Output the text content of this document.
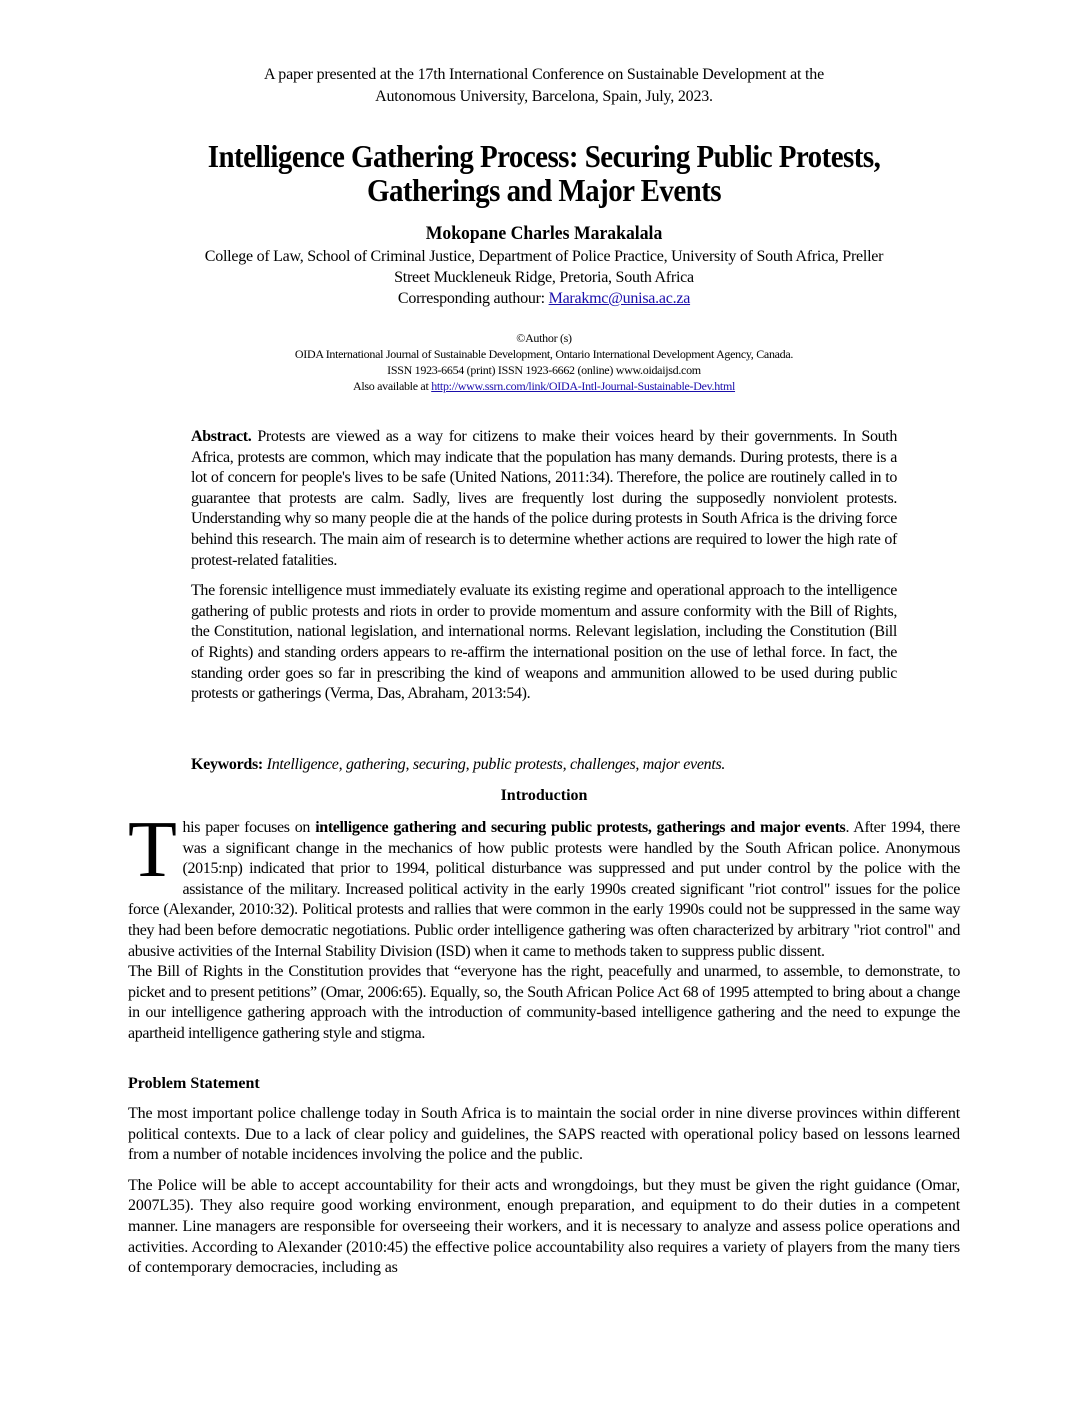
A paper presented at the 17th International Conference on Sustainable Development at the
Autonomous University, Barcelona, Spain, July, 2023.
Intelligence Gathering Process: Securing Public Protests,
Gatherings and Major Events
Mokopane Charles Marakalala
College of Law, School of Criminal Justice, Department of Police Practice, University of South Africa, Preller
Street Muckleneuk Ridge, Pretoria, South Africa
Corresponding authour: Marakmc@unisa.ac.za
©Author (s)
OIDA International Journal of Sustainable Development, Ontario International Development Agency, Canada.
ISSN 1923-6654 (print) ISSN 1923-6662 (online) www.oidaijsd.com
Also available at http://www.ssrn.com/link/OIDA-Intl-Journal-Sustainable-Dev.html

Abstract. Protests are viewed as a way for citizens to make their voices heard by their governments. In South Africa, protests are common, which may indicate that the population has many demands. During protests, there is a lot of concern for people's lives to be safe (United Nations, 2011:34). Therefore, the police are routinely called in to guarantee that protests are calm. Sadly, lives are frequently lost during the supposedly nonviolent protests. Understanding why so many people die at the hands of the police during protests in South Africa is the driving force behind this research. The main aim of research is to determine whether actions are required to lower the high rate of protest-related fatalities.

The forensic intelligence must immediately evaluate its existing regime and operational approach to the intelligence gathering of public protests and riots in order to provide momentum and assure conformity with the Bill of Rights, the Constitution, national legislation, and international norms. Relevant legislation, including the Constitution (Bill of Rights) and standing orders appears to re-affirm the international position on the use of lethal force. In fact, the standing order goes so far in prescribing the kind of weapons and ammunition allowed to be used during public protests or gatherings (Verma, Das, Abraham, 2013:54).

Keywords: Intelligence, gathering, securing, public protests, challenges, major events.
Introduction

This paper focuses on intelligence gathering and securing public protests, gatherings and major events. After 1994, there was a significant change in the mechanics of how public protests were handled by the South African police. Anonymous (2015:np) indicated that prior to 1994, political disturbance was suppressed and put under control by the police with the assistance of the military. Increased political activity in the early 1990s created significant "riot control" issues for the police force (Alexander, 2010:32). Political protests and rallies that were common in the early 1990s could not be suppressed in the same way they had been before democratic negotiations. Public order intelligence gathering was often characterized by arbitrary "riot control" and abusive activities of the Internal Stability Division (ISD) when it came to methods taken to suppress public dissent.

The Bill of Rights in the Constitution provides that “everyone has the right, peacefully and unarmed, to assemble, to demonstrate, to picket and to present petitions” (Omar, 2006:65). Equally, so, the South African Police Act 68 of 1995 attempted to bring about a change in our intelligence gathering approach with the introduction of community-based intelligence gathering and the need to expunge the apartheid intelligence gathering style and stigma.

Problem Statement

The most important police challenge today in South Africa is to maintain the social order in nine diverse provinces within different political contexts. Due to a lack of clear policy and guidelines, the SAPS reacted with operational policy based on lessons learned from a number of notable incidences involving the police and the public.

The Police will be able to accept accountability for their acts and wrongdoings, but they must be given the right guidance (Omar, 2007L35). They also require good working environment, enough preparation, and equipment to do their duties in a competent manner. Line managers are responsible for overseeing their workers, and it is necessary to analyze and assess police operations and activities. According to Alexander (2010:45) the effective police accountability also requires a variety of players from the many tiers of contemporary democracies, including as
